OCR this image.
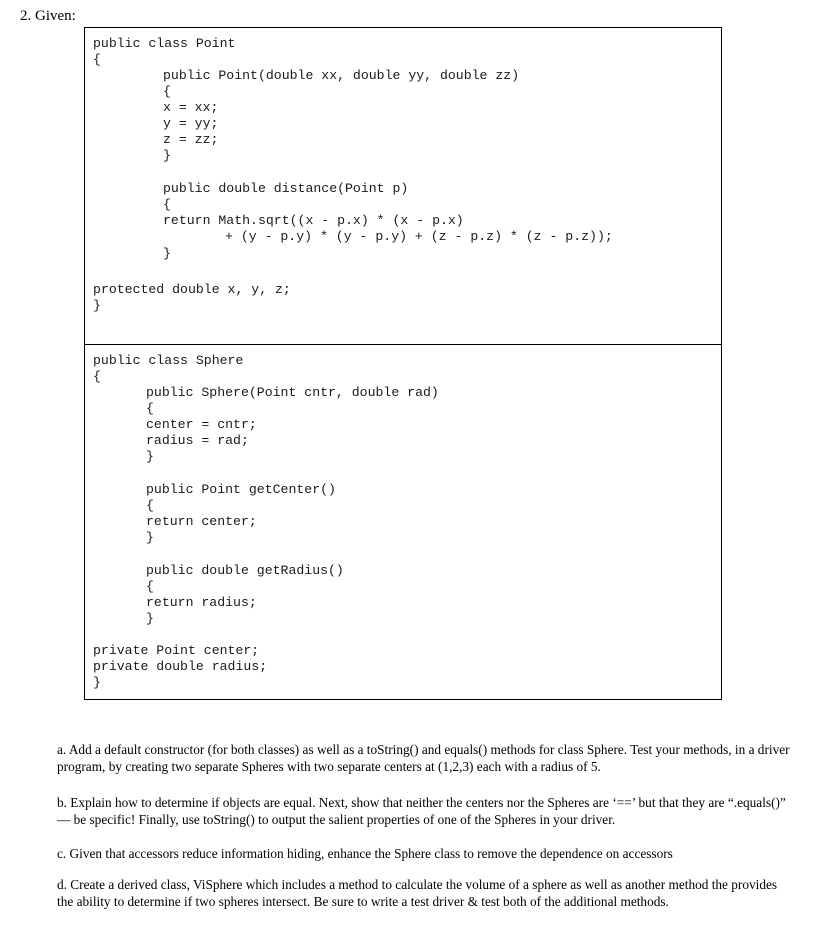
2. Given:
public class Point
{
public Point(double xx, double yy, double zz)
{
x = xx;
y = yy;
z = zz;
}
public double distance(Point p)
{
return Math.sqrt((x - p.x) * (x - p.x)
+ (y - p.y) * (y - p.y) + (z - p.z) * (z - p.z));
}
protected double x, y, z;
}
public class Sphere
{
public Sphere(Point cntr, double rad)
{
center = cntr;
radius = rad;
}
public Point getCenter()
{
return center;
}
public double getRadius()
{
return radius;
}
private Point center;
private double radius;
}
a. Add a default constructor (for both classes) as well as a toString() and equals() methods for class Sphere. Test your methods, in a driver program, by creating two separate Spheres with two separate centers at (1,2,3) each with a radius of 5.
b. Explain how to determine if objects are equal. Next, show that neither the centers nor the Spheres are ‘==’ but that they are “.equals()” — be specific! Finally, use toString() to output the salient properties of one of the Spheres in your driver.
c. Given that accessors reduce information hiding, enhance the Sphere class to remove the dependence on accessors
d. Create a derived class, ViSphere which includes a method to calculate the volume of a sphere as well as another method the provides the ability to determine if two spheres intersect. Be sure to write a test driver & test both of the additional methods.
